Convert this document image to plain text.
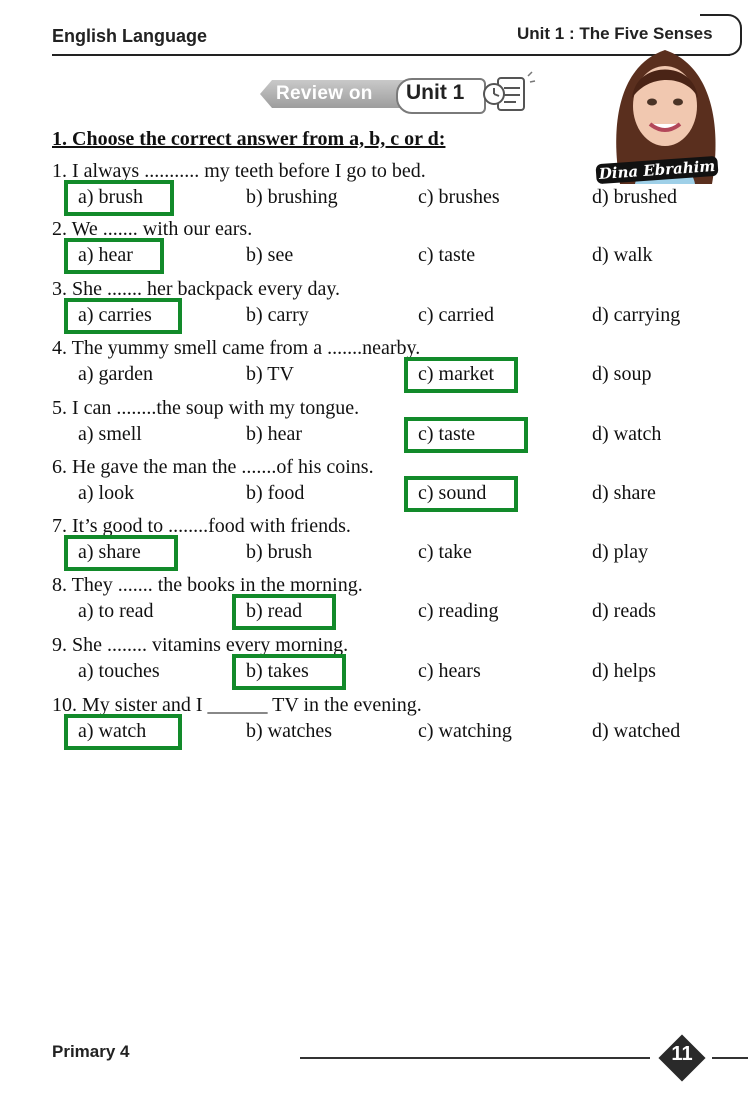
English Language	Unit 1 : The Five Senses
Review on Unit 1
Dina Ebrahim
1. Choose the correct answer from a, b, c or d:
1. I always ........... my teeth before I go to bed.
a) brush	b) brushing	c) brushes	d) brushed
2. We ....... with our ears.
a) hear	b) see	c) taste	d) walk
3. She ....... her backpack every day.
a) carries	b) carry	c) carried	d) carrying
4. The yummy smell came from a .......nearby.
a) garden	b) TV	c) market	d) soup
5. I can ........the soup with my tongue.
a) smell	b) hear	c) taste	d) watch
6. He gave the man the .......of his coins.
a) look	b) food	c) sound	d) share
7. It’s good to ........food with friends.
a) share	b) brush	c) take	d) play
8. They ....... the books in the morning.
a) to read	b) read	c) reading	d) reads
9. She ........ vitamins every morning.
a) touches	b) takes	c) hears	d) helps
10. My sister and I ______ TV in the evening.
a) watch	b) watches	c) watching	d) watched
Primary 4	11
